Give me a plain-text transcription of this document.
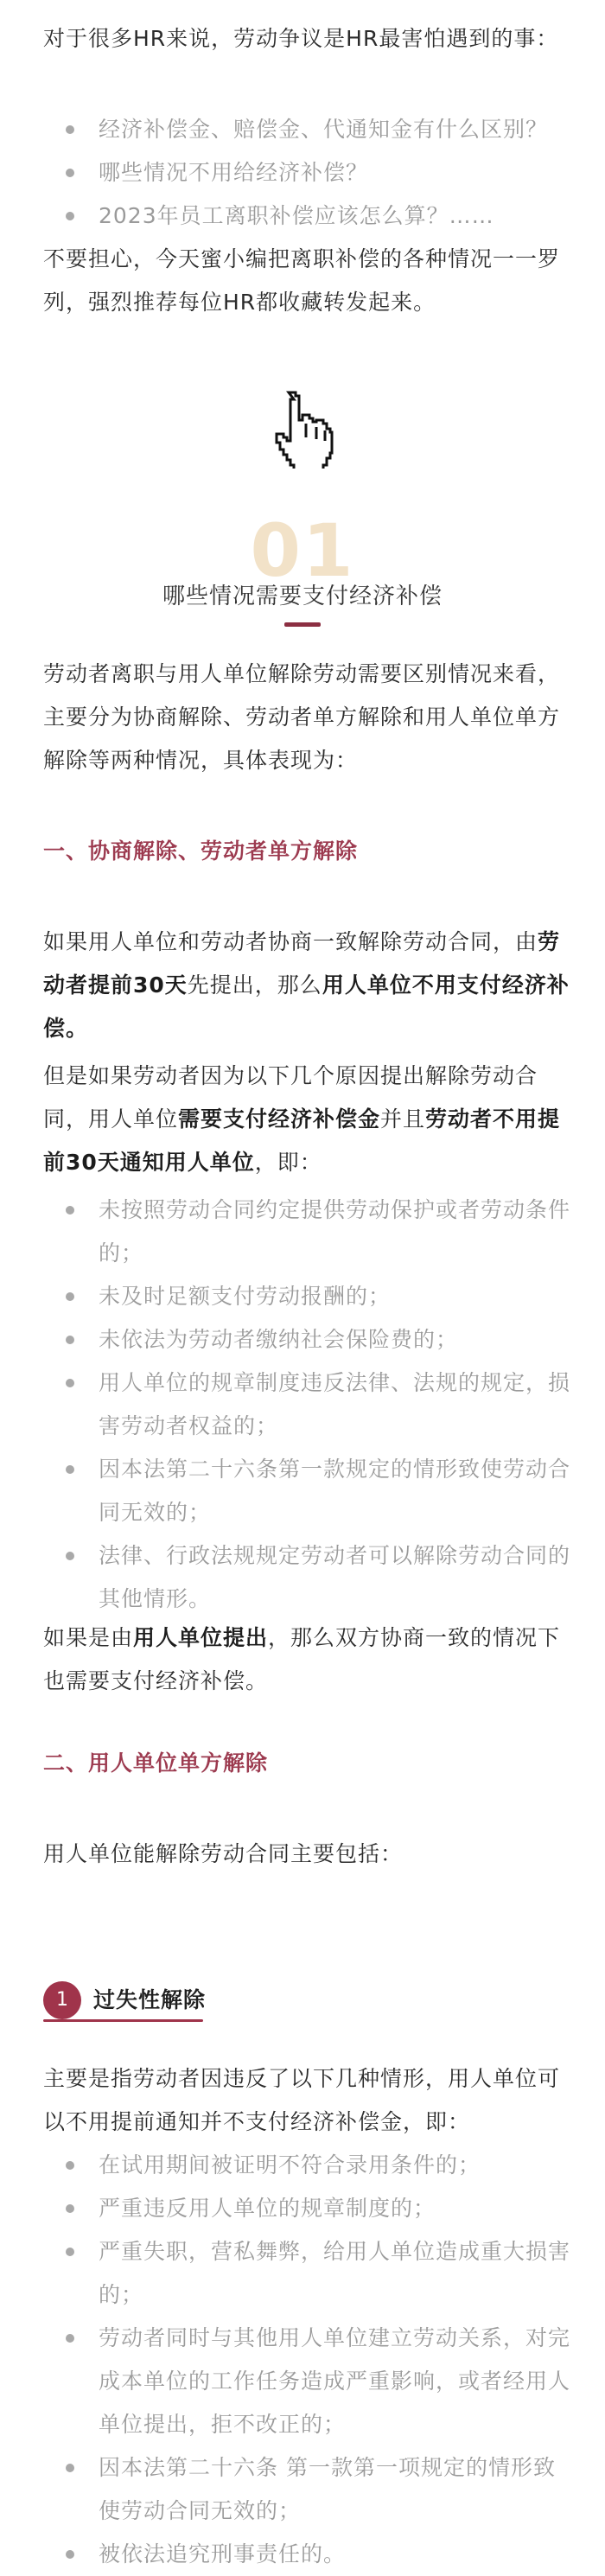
对于很多HR来说，劳动争议是HR最害怕遇到的事：

经济补偿金、赔偿金、代通知金有什么区别？
哪些情况不用给经济补偿？
2023年员工离职补偿应该怎么算？……

不要担心，今天蜜小编把离职补偿的各种情况一一罗列，强烈推荐每位HR都收藏转发起来。

01
哪些情况需要支付经济补偿

劳动者离职与用人单位解除劳动需要区别情况来看，主要分为协商解除、劳动者单方解除和用人单位单方解除等两种情况，具体表现为：

一、协商解除、劳动者单方解除

如果用人单位和劳动者协商一致解除劳动合同，由劳动者提前30天先提出，那么用人单位不用支付经济补偿。

但是如果劳动者因为以下几个原因提出解除劳动合同，用人单位需要支付经济补偿金并且劳动者不用提前30天通知用人单位，即：

未按照劳动合同约定提供劳动保护或者劳动条件的；
未及时足额支付劳动报酬的；
未依法为劳动者缴纳社会保险费的；
用人单位的规章制度违反法律、法规的规定，损害劳动者权益的；
因本法第二十六条第一款规定的情形致使劳动合同无效的；
法律、行政法规规定劳动者可以解除劳动合同的其他情形。

如果是由用人单位提出，那么双方协商一致的情况下也需要支付经济补偿。

二、用人单位单方解除

用人单位能解除劳动合同主要包括：

1	过失性解除

主要是指劳动者因违反了以下几种情形，用人单位可以不用提前通知并不支付经济补偿金，即：

在试用期间被证明不符合录用条件的；
严重违反用人单位的规章制度的；
严重失职，营私舞弊，给用人单位造成重大损害的；
劳动者同时与其他用人单位建立劳动关系，对完成本单位的工作任务造成严重影响，或者经用人单位提出，拒不改正的；
因本法第二十六条 第一款第一项规定的情形致使劳动合同无效的；
被依法追究刑事责任的。
